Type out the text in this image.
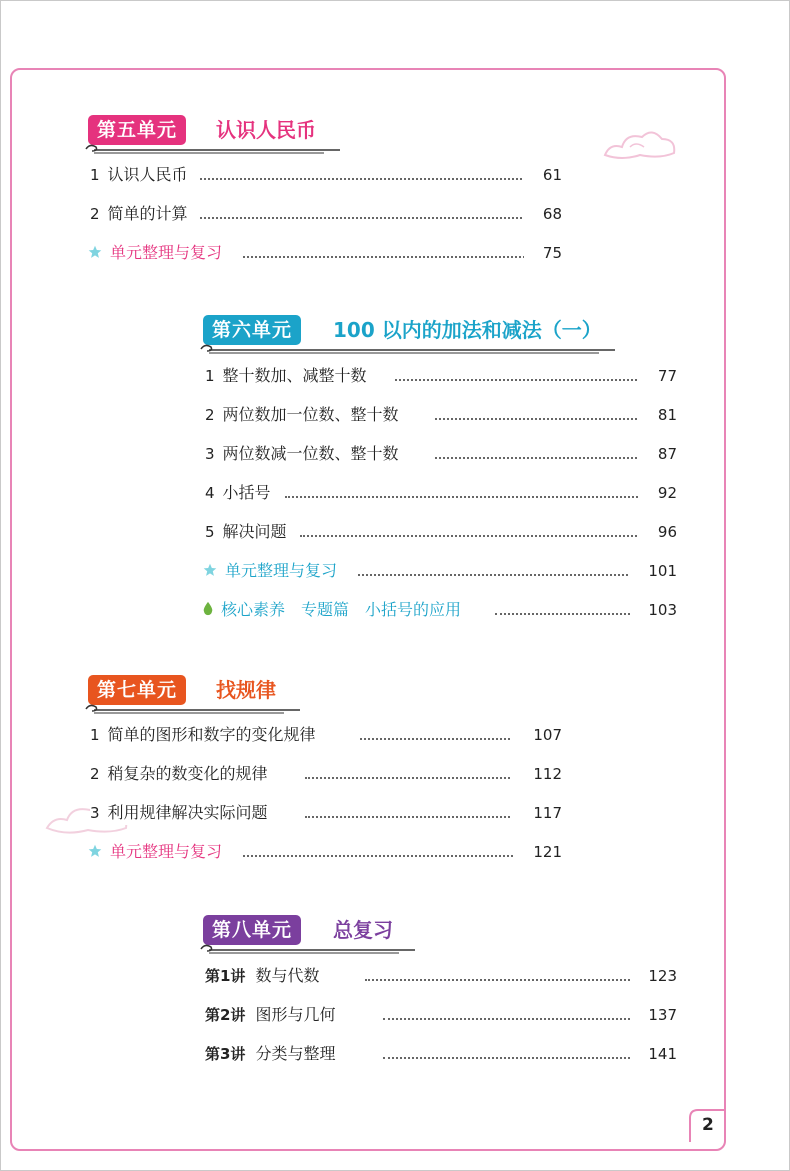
第五单元	认识人民币
1 认识人民币	61
2 简单的计算	68
单元整理与复习	75
第六单元	100 以内的加法和减法（一）
1 整十数加、减整十数	77
2 两位数加一位数、整十数	81
3 两位数减一位数、整十数	87
4 小括号	92
5 解决问题	96
单元整理与复习	101
核心素养　专题篇　小括号的应用	103
第七单元	找规律
1 简单的图形和数字的变化规律	107
2 稍复杂的数变化的规律	112
3 利用规律解决实际问题	117
单元整理与复习	121
第八单元	总复习
第1讲 数与代数	123
第2讲 图形与几何	137
第3讲 分类与整理	141
2
